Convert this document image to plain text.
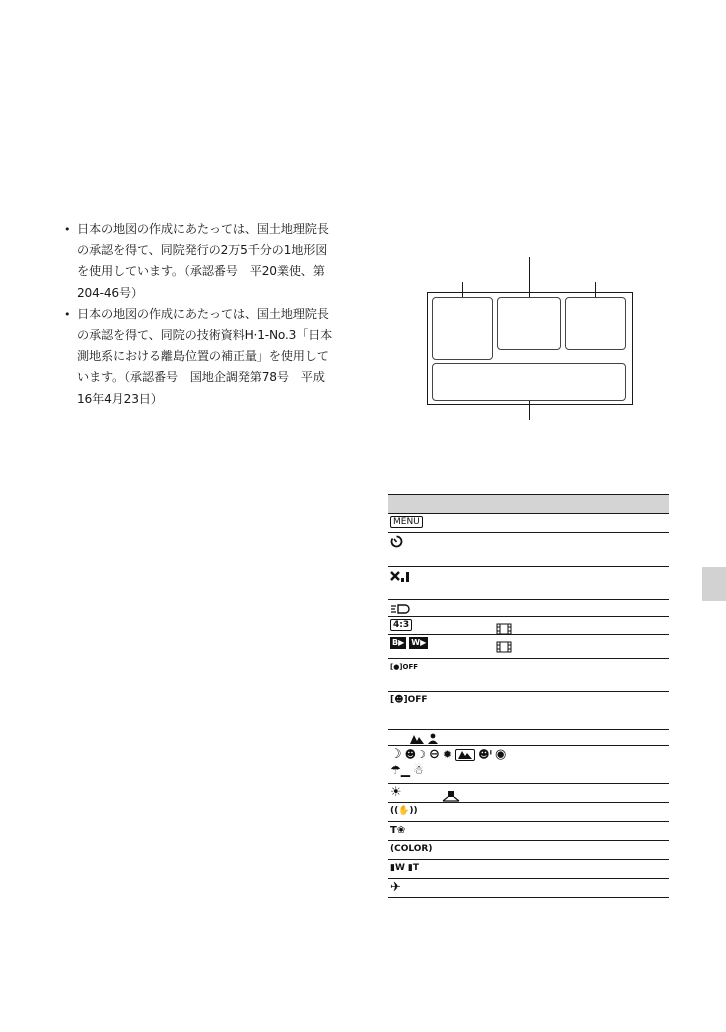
• 日本の地図の作成にあたっては、国土地理院長
の承認を得て、同院発行の2万5千分の1地形図
を使用しています。（承認番号　平20業使、第
204-46号）
• 日本の地図の作成にあたっては、国土地理院長
の承認を得て、同院の技術資料H·1-No.3「日本
測地系における離島位置の補正量」を使用して
います。（承認番号　国地企調発第78号　平成
16年4月23日）
MENU
4:3
B▶ W▶
[●]OFF
[☻]OFF
☽ ☻☽ ⊖ ✹ ☻ⁱ ◉
☂▁ ☃
☀
((✋))
T❀
(COLOR)
▮W ▮T
✈
